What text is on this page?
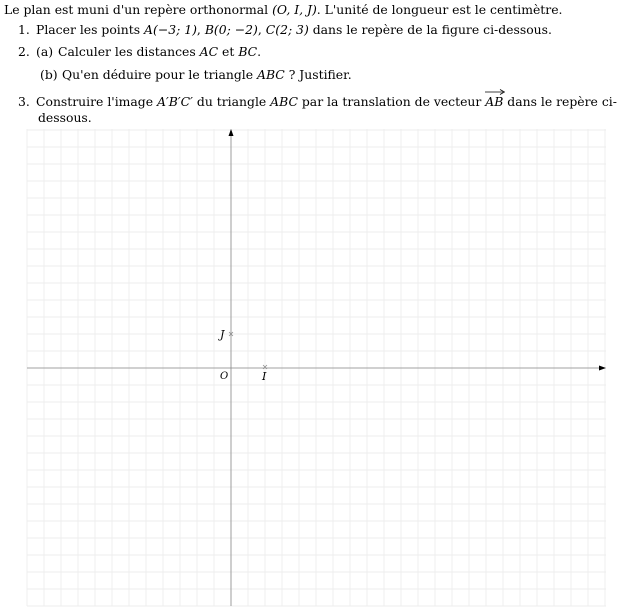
Le plan est muni d'un repère orthonormal (O, I, J). L'unité de longueur est le centimètre.
1. Placer les points A(−3; 1), B(0; −2), C(2; 3) dans le repère de la figure ci-dessous.
2. (a) Calculer les distances AC et BC.
(b) Qu'en déduire pour le triangle ABC ? Justifier.
3. Construire l'image A′B′C′ du triangle ABC par la translation de vecteur
AB dans le repère ci-
dessous.
O	I
J
